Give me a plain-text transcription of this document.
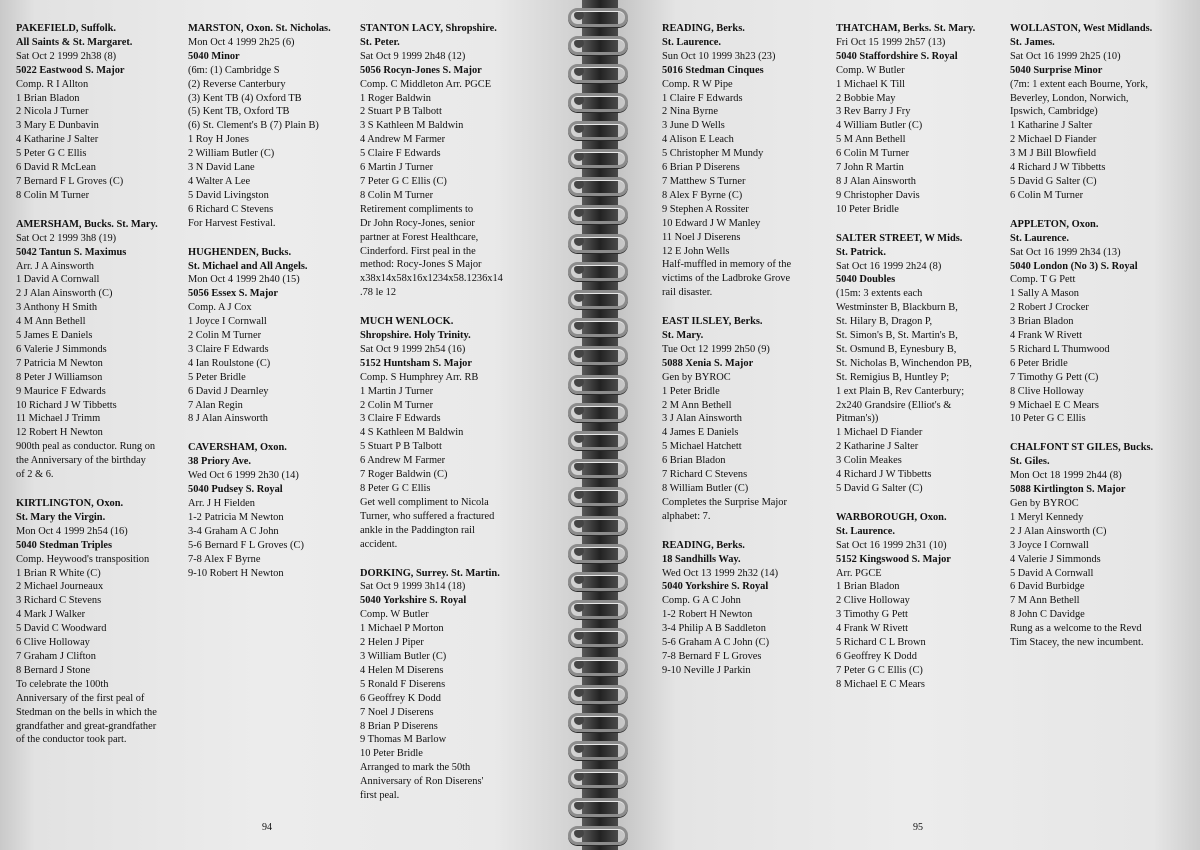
PAKEFIELD, Suffolk.

All Saints & St. Margaret.

Sat Oct 2 1999 2h38 (8)

5022 Eastwood S. Major

Comp. R I Allton

1 Brian Bladon

2 Nicola J Turner

3 Mary E Dunbavin

4 Katharine J Salter

5 Peter G C Ellis

6 David R McLean

7 Bernard F L Groves (C)

8 Colin M Turner

AMERSHAM, Bucks. St. Mary.

Sat Oct 2 1999 3h8 (19)

5042 Tantun S. Maximus

Arr. J A Ainsworth

1 David A Cornwall

2 J Alan Ainsworth (C)

3 Anthony H Smith

4 M Ann Bethell

5 James E Daniels

6 Valerie J Simmonds

7 Patricia M Newton

8 Peter J Williamson

9 Maurice F Edwards

10 Richard J W Tibbetts

11 Michael J Trimm

12 Robert H Newton

900th peal as conductor. Rung on

the Anniversary of the birthday

of 2 & 6.

KIRTLINGTON, Oxon.

St. Mary the Virgin.

Mon Oct 4 1999 2h54 (16)

5040 Stedman Triples

Comp. Heywood's transposition

1 Brian R White (C)

2 Michael Journeaux

3 Richard C Stevens

4 Mark J Walker

5 David C Woodward

6 Clive Holloway

7 Graham J Clifton

8 Bernard J Stone

To celebrate the 100th

Anniversary of the first peal of

Stedman on the bells in which the

grandfather and great-grandfather

of the conductor took part.

MARSTON, Oxon. St. Nicholas.

Mon Oct 4 1999 2h25 (6)

5040 Minor

(6m: (1) Cambridge S

(2) Reverse Canterbury

(3) Kent TB (4) Oxford TB

(5) Kent TB, Oxford TB

(6) St. Clement's B (7) Plain B)

1 Roy H Jones

2 William Butler (C)

3 N David Lane

4 Walter A Lee

5 David Livingston

6 Richard C Stevens

For Harvest Festival.

HUGHENDEN, Bucks.

St. Michael and All Angels.

Mon Oct 4 1999 2h40 (15)

5056 Essex S. Major

Comp. A J Cox

1 Joyce I Cornwall

2 Colin M Turner

3 Claire F Edwards

4 Ian Roulstone (C)

5 Peter Bridle

6 David J Dearnley

7 Alan Regin

8 J Alan Ainsworth

CAVERSHAM, Oxon.

38 Priory Ave.

Wed Oct 6 1999 2h30 (14)

5040 Pudsey S. Royal

Arr. J H Fielden

1-2 Patricia M Newton

3-4 Graham A C John

5-6 Bernard F L Groves (C)

7-8 Alex F Byrne

9-10 Robert H Newton

STANTON LACY, Shropshire.

St. Peter.

Sat Oct 9 1999 2h48 (12)

5056 Rocyn-Jones S. Major

Comp. C Middleton Arr. PGCE

1 Roger Baldwin

2 Stuart P B Talbott

3 S Kathleen M Baldwin

4 Andrew M Farmer

5 Claire F Edwards

6 Martin J Turner

7 Peter G C Ellis (C)

8 Colin M Turner

Retirement compliments to

Dr John Rocy-Jones, senior

partner at Forest Healthcare,

Cinderford. First peal in the

method: Rocy-Jones S Major

x38x14x58x16x1234x58.1236x14

.78 le 12

MUCH WENLOCK.

Shropshire. Holy Trinity.

Sat Oct 9 1999 2h54 (16)

5152 Huntsham S. Major

Comp. S Humphrey Arr. RB

1 Martin J Turner

2 Colin M Turner

3 Claire F Edwards

4 S Kathleen M Baldwin

5 Stuart P B Talbott

6 Andrew M Farmer

7 Roger Baldwin (C)

8 Peter G C Ellis

Get well compliment to Nicola

Turner, who suffered a fractured

ankle in the Paddington rail

accident.

DORKING, Surrey. St. Martin.

Sat Oct 9 1999 3h14 (18)

5040 Yorkshire S. Royal

Comp. W Butler

1 Michael P Morton

2 Helen J Piper

3 William Butler (C)

4 Helen M Diserens

5 Ronald F Diserens

6 Geoffrey K Dodd

7 Noel J Diserens

8 Brian P Diserens

9 Thomas M Barlow

10 Peter Bridle

Arranged to mark the 50th

Anniversary of Ron Diserens'

first peal.

94

READING, Berks.

St. Laurence.

Sun Oct 10 1999 3h23 (23)

5016 Stedman Cinques

Comp. R W Pipe

1 Claire F Edwards

2 Nina Byrne

3 June D Wells

4 Alison E Leach

5 Christopher M Mundy

6 Brian P Diserens

7 Matthew S Turner

8 Alex F Byrne (C)

9 Stephen A Rossiter

10 Edward J W Manley

11 Noel J Diserens

12 E John Wells

Half-muffled in memory of the

victims of the Ladbroke Grove

rail disaster.

EAST ILSLEY, Berks.

St. Mary.

Tue Oct 12 1999 2h50 (9)

5088 Xenia S. Major

Gen by BYROC

1 Peter Bridle

2 M Ann Bethell

3 J Alan Ainsworth

4 James E Daniels

5 Michael Hatchett

6 Brian Bladon

7 Richard C Stevens

8 William Butler (C)

Completes the Surprise Major

alphabet: 7.

READING, Berks.

18 Sandhills Way.

Wed Oct 13 1999 2h32 (14)

5040 Yorkshire S. Royal

Comp. G A C John

1-2 Robert H Newton

3-4 Philip A B Saddleton

5-6 Graham A C John (C)

7-8 Bernard F L Groves

9-10 Neville J Parkin

THATCHAM, Berks. St. Mary.

Fri Oct 15 1999 2h57 (13)

5040 Staffordshire S. Royal

Comp. W Butler

1 Michael K Till

2 Bobbie May

3 Rev Barry J Fry

4 William Butler (C)

5 M Ann Bethell

6 Colin M Turner

7 John R Martin

8 J Alan Ainsworth

9 Christopher Davis

10 Peter Bridle

SALTER STREET, W Mids.

St. Patrick.

Sat Oct 16 1999 2h24 (8)

5040 Doubles

(15m: 3 extents each

Westminster B, Blackburn B,

St. Hilary B, Dragon P,

St. Simon's B, St. Martin's B,

St. Osmund B, Eynesbury B,

St. Nicholas B, Winchendon PB,

St. Remigius B, Huntley P;

1 ext Plain B, Rev Canterbury;

2x240 Grandsire (Elliot's &

Pitman's))

1 Michael D Fiander

2 Katharine J Salter

3 Colin Meakes

4 Richard J W Tibbetts

5 David G Salter (C)

WARBOROUGH, Oxon.

St. Laurence.

Sat Oct 16 1999 2h31 (10)

5152 Kingswood S. Major

Arr. PGCE

1 Brian Bladon

2 Clive Holloway

3 Timothy G Pett

4 Frank W Rivett

5 Richard C L Brown

6 Geoffrey K Dodd

7 Peter G C Ellis (C)

8 Michael E C Mears

WOLLASTON, West Midlands.

St. James.

Sat Oct 16 1999 2h25 (10)

5040 Surprise Minor

(7m: 1 extent each Bourne, York,

Beverley, London, Norwich,

Ipswich, Cambridge)

1 Katharine J Salter

2 Michael D Fiander

3 M J Bill Blowfield

4 Richard J W Tibbetts

5 David G Salter (C)

6 Colin M Turner

APPLETON, Oxon.

St. Laurence.

Sat Oct 16 1999 2h34 (13)

5040 London (No 3) S. Royal

Comp. T G Pett

1 Sally A Mason

2 Robert J Crocker

3 Brian Bladon

4 Frank W Rivett

5 Richard L Thumwood

6 Peter Bridle

7 Timothy G Pett (C)

8 Clive Holloway

9 Michael E C Mears

10 Peter G C Ellis

CHALFONT ST GILES, Bucks.

St. Giles.

Mon Oct 18 1999 2h44 (8)

5088 Kirtlington S. Major

Gen by BYROC

1 Meryl Kennedy

2 J Alan Ainsworth (C)

3 Joyce I Cornwall

4 Valerie J Simmonds

5 David A Cornwall

6 David Burbidge

7 M Ann Bethell

8 John C Davidge

Rung as a welcome to the Revd

Tim Stacey, the new incumbent.

95
